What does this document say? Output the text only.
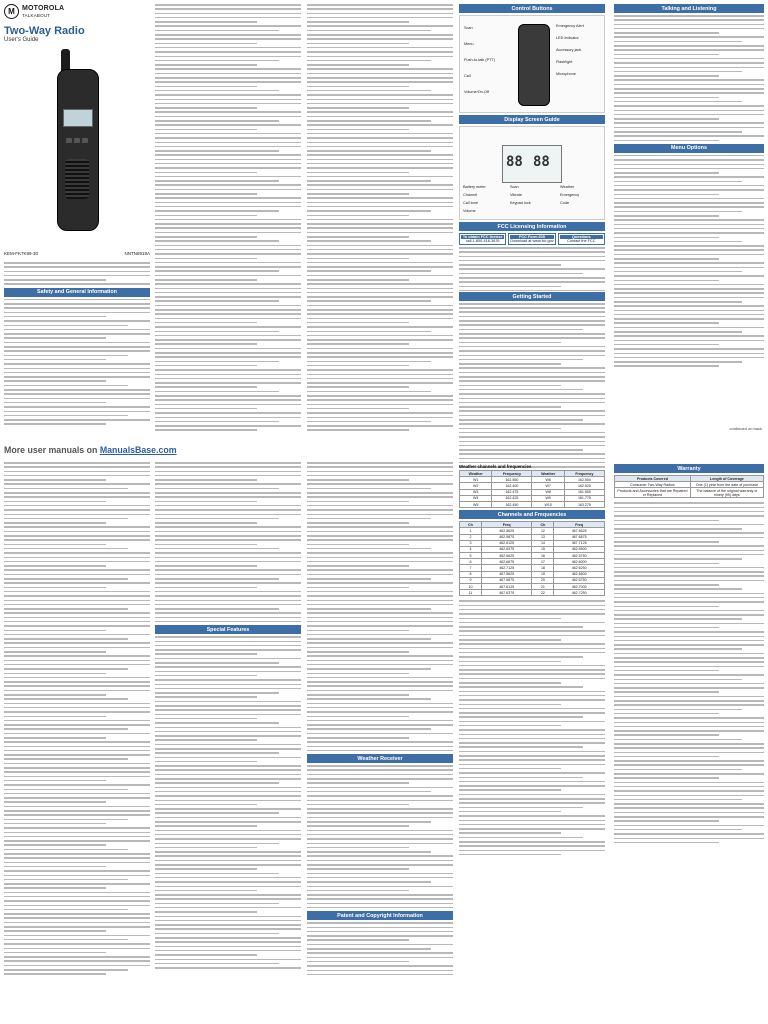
M	MOTOROLA
TALKABOUT
Two-Way Radio
User's Guide
KEM-FK7K89-30	NNTN6919A
Safety and General Information
More user manuals on ManualsBase.com
Control Buttons
Emergency Alert
LED indicator
Accessory jack
Flashlight
Microphone
Scan
Menu
Push-to-talk (PTT)
Call
Volume/On-Off
Display Screen Guide
88 88
Battery meter
Channel
Call tone
Volume
Scan
Vibrate
Keypad lock
Weather
Emergency
Code
FCC Licensing Information
To obtain FCC license
call 1-800-418-3676
FCC Form 605
Download at www.fcc.gov
Questions
Contact the FCC
Talking and Listening
Menu Options
Getting Started
continued on back
Special Features
Weather Receiver
Patent and Copyright Information
Weather channels and frequencies
Weather	Frequency	Weather	Frequency
W1	162.550	W6	162.500
W2	162.400	W7	162.525
W3	162.475	W8	161.650
W4	162.425	W9	161.775
W5	162.450	W10	163.275
Channels and Frequencies
Ch	Freq	Ch	Freq
1	462.5625	12	467.6625
2	462.5875	13	467.6875
3	462.6125	14	467.7125
4	462.6375	15	462.5500
5	462.6625	16	462.5750
6	462.6875	17	462.6000
7	462.7125	18	462.6250
8	467.5625	19	462.6500
9	467.5875	20	462.6750
10	467.6125	21	462.7000
11	467.6375	22	462.7250
Warranty
Products Covered	Length of Coverage
Consumer Two-Way Radios	One (1) year from the date of purchase
Products and Accessories that are Repaired or Replaced	The balance of the original warranty or ninety (90) days
